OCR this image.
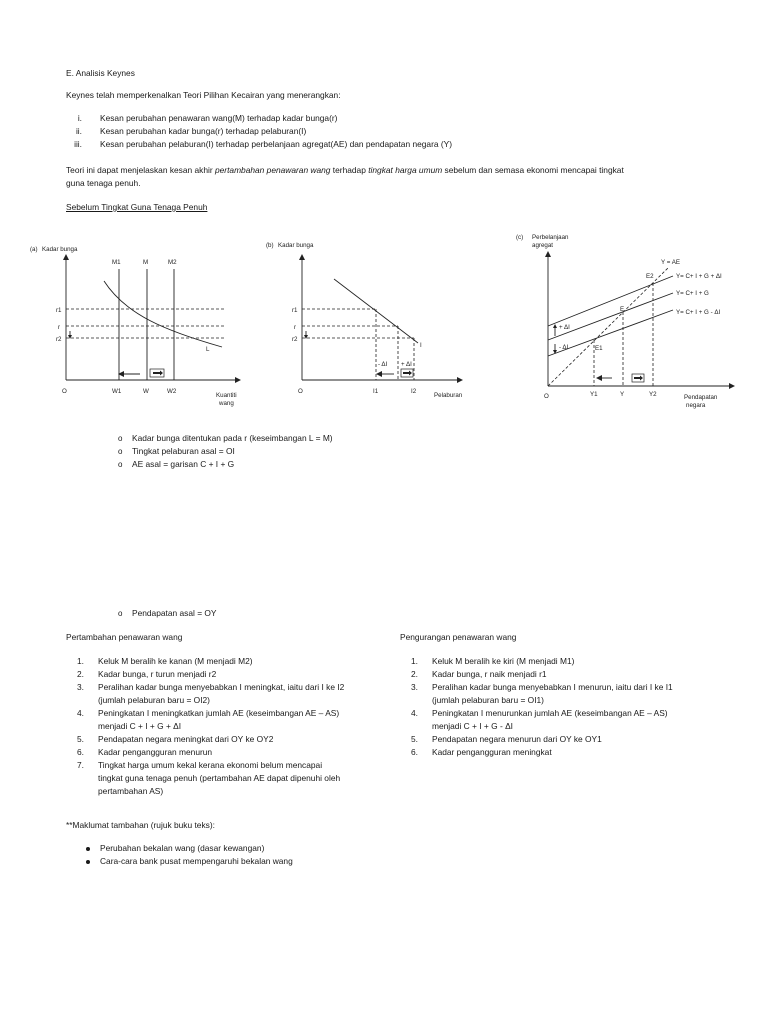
E. Analisis Keynes
Keynes telah memperkenalkan Teori Pilihan Kecairan yang menerangkan:
i. Kesan perubahan penawaran wang(M) terhadap kadar bunga(r)
ii. Kesan perubahan kadar bunga(r) terhadap pelaburan(I)
iii. Kesan perubahan pelaburan(I) terhadap perbelanjaan agregat(AE) dan pendapatan negara (Y)
Teori ini dapat menjelaskan kesan akhir pertambahan penawaran wang terhadap tingkat harga umum sebelum dan semasa ekonomi mencapai tingkat
guna tenaga penuh.
Sebelum Tingkat Guna Tenaga Penuh
(a) Kadar bunga
O
M1	M	M2
L
r1
r
r2
W1	W	W2
Kuantiti
wang
(b) Kadar bunga
O
I
r1
r
r2
I1	I2
- ΔI + ΔI
Pelaburan
(c) Perbelanjaan
agregat
O
Y = AE
Y= C+ I + G + ΔI
Y= C+ I + G
Y= C+ I + G - ΔI
E2
E
E1
Y1	Y	Y2
+ ΔI
- ΔI
Pendapatan
negara
o Kadar bunga ditentukan pada r (keseimbangan L = M)
o Tingkat pelaburan asal = OI
o AE asal = garisan C + I + G
o Pendapatan asal = OY
Pertambahan penawaran wang
1. Keluk M beralih ke kanan (M menjadi M2)
2. Kadar bunga, r turun menjadi r2
3. Peralihan kadar bunga menyebabkan I meningkat, iaitu dari I ke I2
(jumlah pelaburan baru = OI2)
4. Peningkatan I meningkatkan jumlah AE (keseimbangan AE – AS)
menjadi C + I + G + ΔI
5. Pendapatan negara meningkat dari OY ke OY2
6. Kadar pengangguran menurun
7. Tingkat harga umum kekal kerana ekonomi belum mencapai
tingkat guna tenaga penuh (pertambahan AE dapat dipenuhi oleh
pertambahan AS)
Pengurangan penawaran wang
1. Keluk M beralih ke kiri (M menjadi M1)
2. Kadar bunga, r naik menjadi r1
3. Peralihan kadar bunga menyebabkan I menurun, iaitu dari I ke I1
(jumlah pelaburan baru = OI1)
4. Peningkatan I menurunkan jumlah AE (keseimbangan AE – AS)
menjadi C + I + G - ΔI
5. Pendapatan negara menurun dari OY ke OY1
6. Kadar pengangguran meningkat
**Maklumat tambahan (rujuk buku teks):
Perubahan bekalan wang (dasar kewangan)
Cara-cara bank pusat mempengaruhi bekalan wang
